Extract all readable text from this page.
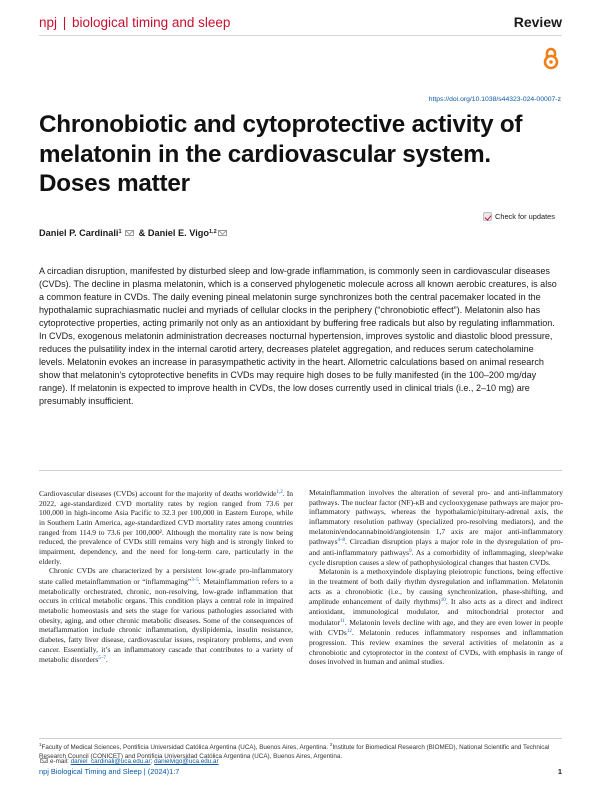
npj | biological timing and sleep	Review
https://doi.org/10.1038/s44323-024-00007-z
Chronobiotic and cytoprotective activity of melatonin in the cardiovascular system. Doses matter
Check for updates
Daniel P. Cardinali$^1$ & Daniel E. Vigo$^{1,2}$

A circadian disruption, manifested by disturbed sleep and low-grade inflammation, is commonly seen in cardiovascular diseases (CVDs). The decline in plasma melatonin, which is a conserved phylogenetic molecule across all known aerobic creatures, is also a common feature in CVDs. The daily evening pineal melatonin surge synchronizes both the central pacemaker located in the hypothalamic suprachiasmatic nuclei and myriads of cellular clocks in the periphery (“chronobiotic effect”). Melatonin also has cytoprotective properties, acting primarily not only as an antioxidant by buffering free radicals but also by regulating inflammation. In CVDs, exogenous melatonin administration decreases nocturnal hypertension, improves systolic and diastolic blood pressure, reduces the pulsatility index in the internal carotid artery, decreases platelet aggregation, and reduces serum catecholamine levels. Melatonin evokes an increase in parasympathetic activity in the heart. Allometric calculations based on animal research show that melatonin’s cytoprotective benefits in CVDs may require high doses to be fully manifested (in the 100–200 mg/day range). If melatonin is expected to improve health in CVDs, the low doses currently used in clinical trials (i.e., 2–10 mg) are presumably insufficient.

Cardiovascular diseases (CVDs) account for the majority of deaths worldwide$^{1,2}$. In 2022, age-standardized CVD mortality rates by region ranged from 73.6 per 100,000 in high-income Asia Pacific to 32.3 per 100,000 in Eastern Europe, while in Southern Latin America, age-standardized CVD mortality rates among countries ranged from 114.9 to 73.6 per 100,000². Although the mortality rate is now being reduced, the prevalence of CVDs still remains very high and is strongly linked to impairment, dependency, and the need for long-term care, particularly in the elderly.

Chronic CVDs are characterized by a persistent low-grade pro-inflammatory state called metainflammation or “inflammaging”$^{3-5}$. Metainflammation refers to a metabolically orchestrated, chronic, non-resolving, low-grade inflammation that occurs in critical metabolic organs. This condition plays a central role in impaired metabolic homeostasis and sets the stage for various pathologies associated with obesity, aging, and other chronic metabolic diseases. Some of the consequences of metaflammation include chronic inflammation, dyslipidemia, insulin resistance, diabetes, fatty liver disease, cardiovascular issues, respiratory problems, and even cancer. Essentially, it’s an inflammatory cascade that contributes to a variety of metabolic disorders$^{5-7}$.

Metainflammation involves the alteration of several pro- and anti-inflammatory pathways. The nuclear factor (NF)-κB and cyclooxygenase pathways are major pro-inflammatory pathways, whereas the hypothalamic/pituitary-adrenal axis, the inflammatory resolution pathway (specialized pro-resolving mediators), and the melatonin/endocannabinoid/angiotensin 1,7 axis are major anti-inflammatory pathways$^{4-8}$. Circadian disruption plays a major role in the dysregulation of pro- and anti-inflammatory pathways$^9$. As a comorbidity of inflammaging, sleep/wake cycle disruption causes a slew of pathophysiological changes that hasten CVDs.

Melatonin is a methoxyindole displaying pleiotropic functions, being effective in the treatment of both daily rhythm dysregulation and inflammation. Melatonin acts as a chronobiotic (i.e., by causing synchronization, phase-shifting, and amplitude enhancement of daily rhythms)$^{10}$. It also acts as a direct and indirect antioxidant, immunological modulator, and mitochondrial protector and modulator$^{11}$. Melatonin levels decline with age, and they are even lower in people with CVDs$^{12}$. Melatonin reduces inflammatory responses and inflammation progression. This review examines the several activities of melatonin as a chronobiotic and cytoprotector in the context of CVDs, with emphasis in range of doses involved in human and animal studies.

$^1$Faculty of Medical Sciences, Pontificia Universidad Católica Argentina (UCA), Buenos Aires, Argentina. $^2$Institute for Biomedical Research (BIOMED), National Scientific and Technical Research Council (CONICET) and Pontificia Universidad Católica Argentina (UCA), Buenos Aires, Argentina.

e-mail: daniel_cardinali@uca.edu.ar; danielvigo@uca.edu.ar
npj Biological Timing and Sleep | (2024)1:7	1
